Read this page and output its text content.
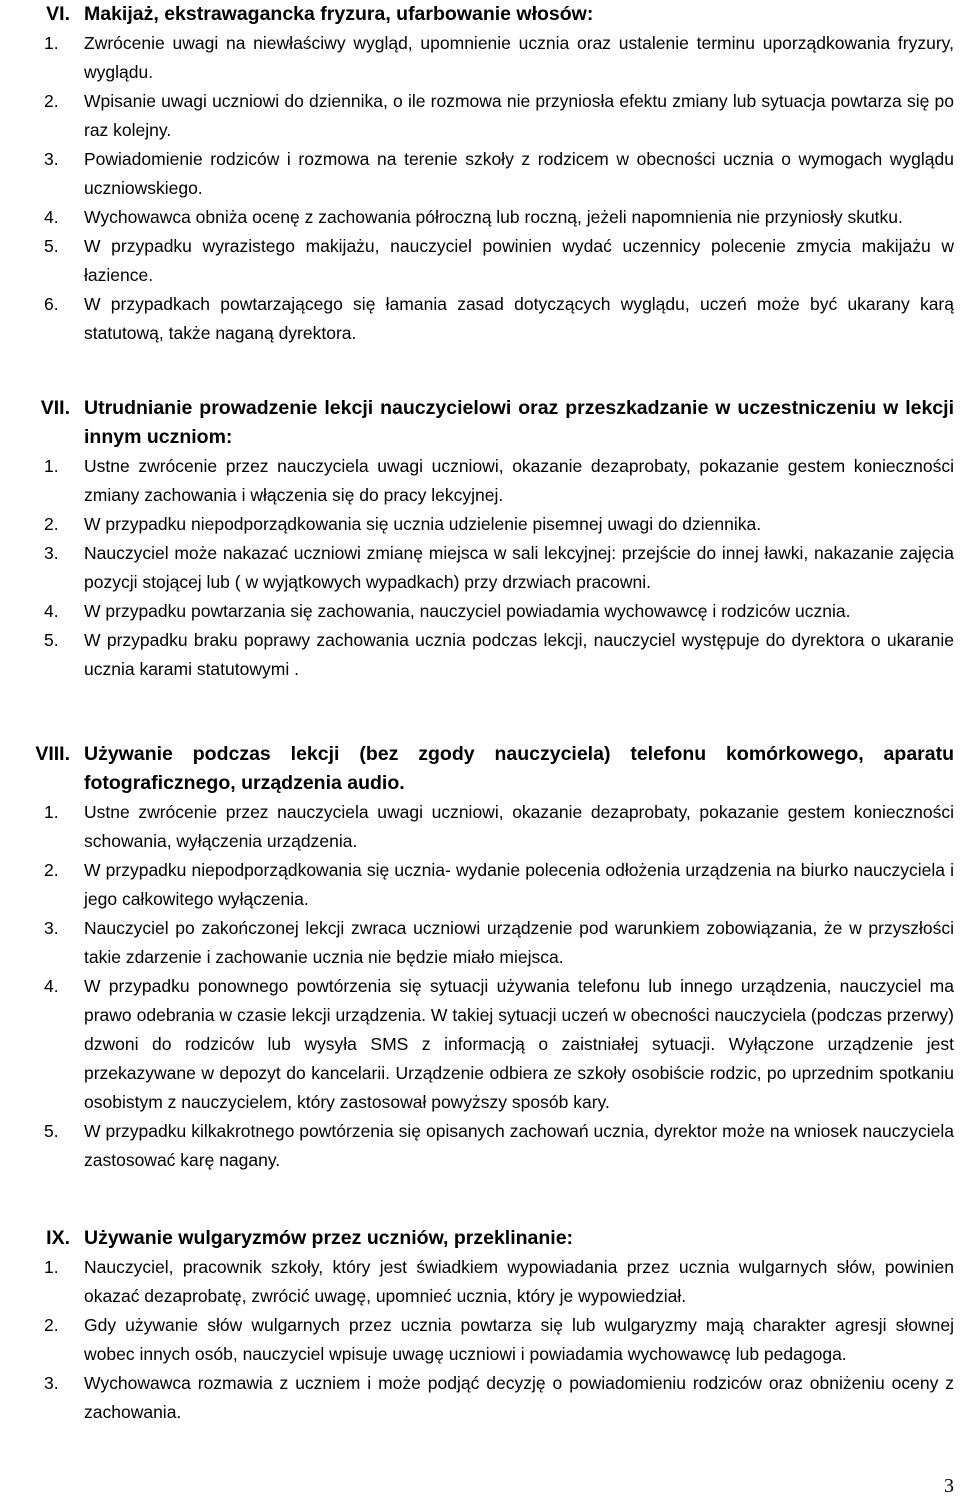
VI. Makijaż, ekstrawagancka fryzura, ufarbowanie włosów:
1.	Zwrócenie uwagi na niewłaściwy wygląd, upomnienie ucznia oraz ustalenie terminu uporządkowania fryzury, wyglądu.
2.	Wpisanie uwagi uczniowi do dziennika, o ile rozmowa nie przyniosła efektu zmiany lub sytuacja powtarza się po raz kolejny.
3.	Powiadomienie rodziców i rozmowa na terenie szkoły z rodzicem w obecności ucznia o wymogach wyglądu uczniowskiego.
4.	Wychowawca obniża ocenę z zachowania półroczną lub roczną, jeżeli napomnienia nie przyniosły skutku.
5.	W przypadku wyrazistego makijażu, nauczyciel powinien wydać uczennicy polecenie zmycia makijażu w łazience.
6.	W przypadkach powtarzającego się łamania zasad dotyczących wyglądu, uczeń może być ukarany karą statutową, także naganą dyrektora.
VII. Utrudnianie prowadzenie lekcji nauczycielowi oraz przeszkadzanie w uczestniczeniu w lekcji innym uczniom:
1.	Ustne zwrócenie przez nauczyciela uwagi uczniowi, okazanie dezaprobaty, pokazanie gestem konieczności zmiany zachowania i włączenia się do pracy lekcyjnej.
2.	W przypadku niepodporządkowania się ucznia udzielenie pisemnej uwagi do dziennika.
3.	Nauczyciel może nakazać uczniowi zmianę miejsca w sali lekcyjnej: przejście do innej ławki, nakazanie zajęcia pozycji stojącej lub ( w wyjątkowych wypadkach) przy drzwiach pracowni.
4.	W przypadku powtarzania się zachowania, nauczyciel powiadamia wychowawcę i rodziców ucznia.
5.	W przypadku braku poprawy zachowania ucznia podczas lekcji, nauczyciel występuje do dyrektora o ukaranie ucznia karami statutowymi .
VIII. Używanie podczas lekcji (bez zgody nauczyciela) telefonu komórkowego, aparatu fotograficznego, urządzenia audio.
1.	Ustne zwrócenie przez nauczyciela uwagi uczniowi, okazanie dezaprobaty, pokazanie gestem konieczności schowania, wyłączenia urządzenia.
2.	W przypadku niepodporządkowania się ucznia- wydanie polecenia odłożenia urządzenia na biurko nauczyciela i jego całkowitego wyłączenia.
3.	Nauczyciel po zakończonej lekcji zwraca uczniowi urządzenie pod warunkiem zobowiązania, że w przyszłości takie zdarzenie i zachowanie ucznia nie będzie miało miejsca.
4.	W przypadku ponownego powtórzenia się sytuacji używania telefonu lub innego urządzenia, nauczyciel ma prawo odebrania w czasie lekcji urządzenia. W takiej sytuacji uczeń w obecności nauczyciela (podczas przerwy) dzwoni do rodziców lub wysyła SMS z informacją o zaistniałej sytuacji. Wyłączone urządzenie jest przekazywane w depozyt do kancelarii. Urządzenie odbiera ze szkoły osobiście rodzic, po uprzednim spotkaniu osobistym z nauczycielem, który zastosował powyższy sposób kary.
5.	W przypadku kilkakrotnego powtórzenia się opisanych zachowań ucznia, dyrektor może na wniosek nauczyciela zastosować karę nagany.
IX. Używanie wulgaryzmów przez uczniów, przeklinanie:
1.	Nauczyciel, pracownik szkoły, który jest świadkiem wypowiadania przez ucznia wulgarnych słów, powinien okazać dezaprobatę, zwrócić uwagę, upomnieć ucznia, który je wypowiedział.
2.	Gdy używanie słów wulgarnych przez ucznia powtarza się lub wulgaryzmy mają charakter agresji słownej wobec innych osób, nauczyciel wpisuje uwagę uczniowi i powiadamia wychowawcę lub pedagoga.
3.	Wychowawca rozmawia z uczniem i może podjąć decyzję o powiadomieniu rodziców oraz obniżeniu oceny z zachowania.
3
